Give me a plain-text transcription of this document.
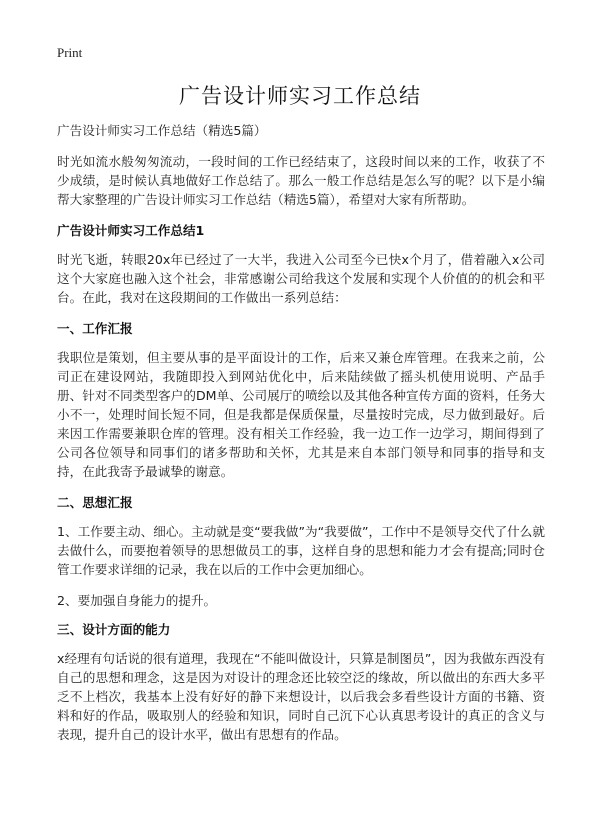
Print
广告设计师实习工作总结

广告设计师实习工作总结（精选5篇）

时光如流水般匆匆流动，一段时间的工作已经结束了，这段时间以来的工作，收获了不少成绩，是时候认真地做好工作总结了。那么一般工作总结是怎么写的呢？以下是小编帮大家整理的广告设计师实习工作总结（精选5篇），希望对大家有所帮助。

广告设计师实习工作总结1

时光飞逝，转眼20x年已经过了一大半，我进入公司至今已快x个月了，借着融入x公司这个大家庭也融入这个社会，非常感谢公司给我这个发展和实现个人价值的的机会和平台。在此，我对在这段期间的工作做出一系列总结：

一、工作汇报

我职位是策划，但主要从事的是平面设计的工作，后来又兼仓库管理。在我来之前，公司正在建设网站，我随即投入到网站优化中，后来陆续做了摇头机使用说明、产品手册、针对不同类型客户的DM单、公司展厅的喷绘以及其他各种宣传方面的资料，任务大小不一，处理时间长短不同，但是我都是保质保量，尽量按时完成，尽力做到最好。后来因工作需要兼职仓库的管理。没有相关工作经验，我一边工作一边学习，期间得到了公司各位领导和同事们的诸多帮助和关怀，尤其是来自本部门领导和同事的指导和支持，在此我寄予最诚挚的谢意。

二、思想汇报

1、工作要主动、细心。主动就是变“要我做”为“我要做”，工作中不是领导交代了什么就去做什么，而要抱着领导的思想做员工的事，这样自身的思想和能力才会有提高;同时仓管工作要求详细的记录，我在以后的工作中会更加细心。

2、要加强自身能力的提升。

三、设计方面的能力

x经理有句话说的很有道理，我现在“不能叫做设计，只算是制图员”，因为我做东西没有自己的思想和理念，这是因为对设计的理念还比较空泛的缘故，所以做出的东西大多平乏不上档次，我基本上没有好好的静下来想设计，以后我会多看些设计方面的书籍、资料和好的作品，吸取别人的经验和知识，同时自己沉下心认真思考设计的真正的含义与表现，提升自己的设计水平，做出有思想有的作品。
